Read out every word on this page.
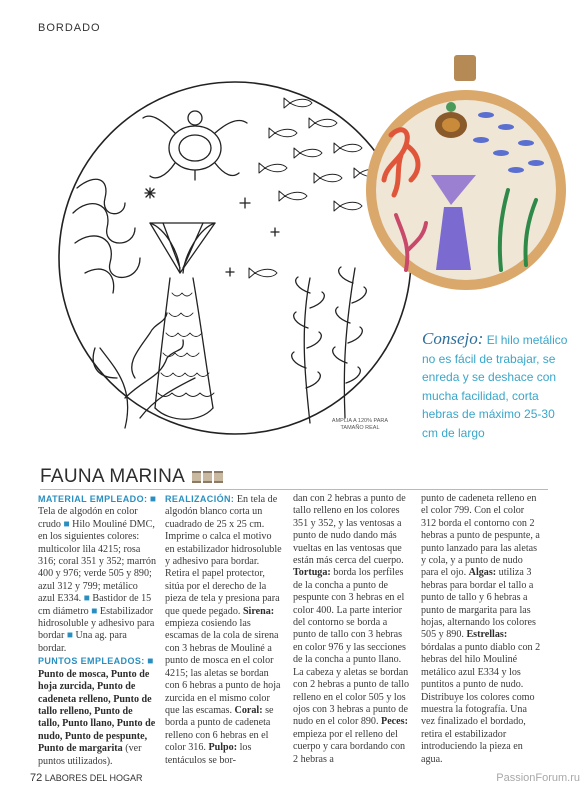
BORDADO
AMPLIA A 120% PARA TAMAÑO REAL
Consejo: El hilo metálico no es fácil de trabajar, se enreda y se deshace con mucha facilidad, corta hebras de máximo 25-30 cm de largo
FAUNA MARINA

MATERIAL EMPLEADO: ■ Tela de algodón en color crudo ■ Hilo Mouliné DMC, en los siguientes colores: multicolor lila 4215; rosa 316; coral 351 y 352; marrón 400 y 976; verde 505 y 890; azul 312 y 799; metálico azul E334. ■ Bastidor de 15 cm diámetro ■ Estabilizador hidrosoluble y adhesivo para bordar ■ Una ag. para bordar.

PUNTOS EMPLEADOS: ■ Punto de mosca, Punto de hoja zurcida, Punto de cadeneta relleno, Punto de tallo relleno, Punto de tallo, Punto llano, Punto de nudo, Punto de pespunte, Punto de margarita (ver puntos utilizados).

REALIZACIÓN: En tela de algodón blanco corta un cuadrado de 25 x 25 cm. Imprime o calca el motivo en estabilizador hidrosoluble y adhesivo para bordar. Retira el papel protector, sitúa por el derecho de la pieza de tela y presiona para que quede pegado. Sirena: empieza cosiendo las escamas de la cola de sirena con 3 hebras de Mouliné a punto de mosca en el color 4215; las aletas se bordan con 6 hebras a punto de hoja zurcida en el mismo color que las escamas. Coral: se borda a punto de cadeneta relleno con 6 hebras en el color 316. Pulpo: los tentáculos se bor-

dan con 2 hebras a punto de tallo relleno en los colores 351 y 352, y las ventosas a punto de nudo dando más vueltas en las ventosas que están más cerca del cuerpo. Tortuga: borda los perfiles de la concha a punto de pespunte con 3 hebras en el color 400. La parte interior del contorno se borda a punto de tallo con 3 hebras en color 976 y las secciones de la concha a punto llano. La cabeza y aletas se bordan con 2 hebras a punto de tallo relleno en el color 505 y los ojos con 3 hebras a punto de nudo en el color 890. Peces: empieza por el relleno del cuerpo y cara bordando con 2 hebras a

punto de cadeneta relleno en el color 799. Con el color 312 borda el contorno con 2 hebras a punto de pespunte, a punto lanzado para las aletas y cola, y a punto de nudo para el ojo. Algas: utiliza 3 hebras para bordar el tallo a punto de tallo y 6 hebras a punto de margarita para las hojas, alternando los colores 505 y 890. Estrellas: bórdalas a punto diablo con 2 hebras del hilo Mouliné metálico azul E334 y los puntitos a punto de nudo. Distribuye los colores como muestra la fotografía. Una vez finalizado el bordado, retira el estabilizador introduciendo la pieza en agua.

72 LABORES DEL HOGAR	PassionForum.ru
